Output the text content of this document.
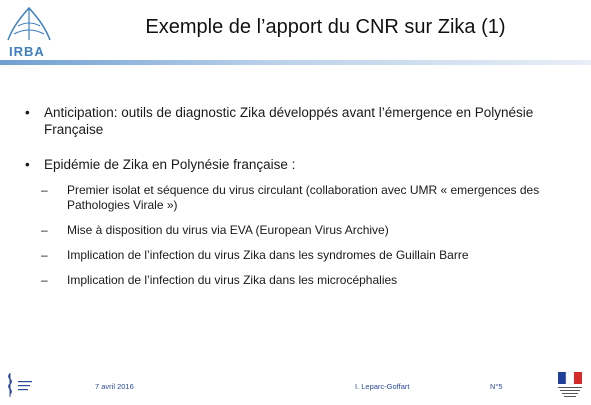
IRBA
Exemple de l’apport du CNR sur Zika (1)
• Anticipation: outils de diagnostic Zika développés avant l’émergence en Polynésie Française
• Epidémie de Zika en Polynésie française :
– Premier isolat et séquence du virus circulant (collaboration avec UMR « emergences des Pathologies Virale »)
– Mise à disposition du virus via EVA (European Virus Archive)
– Implication de l’infection du virus Zika dans les syndromes de Guillain Barre
– Implication de l’infection du virus Zika dans les microcéphalies
7 avril 2016	I. Leparc-Goffart	N°5
